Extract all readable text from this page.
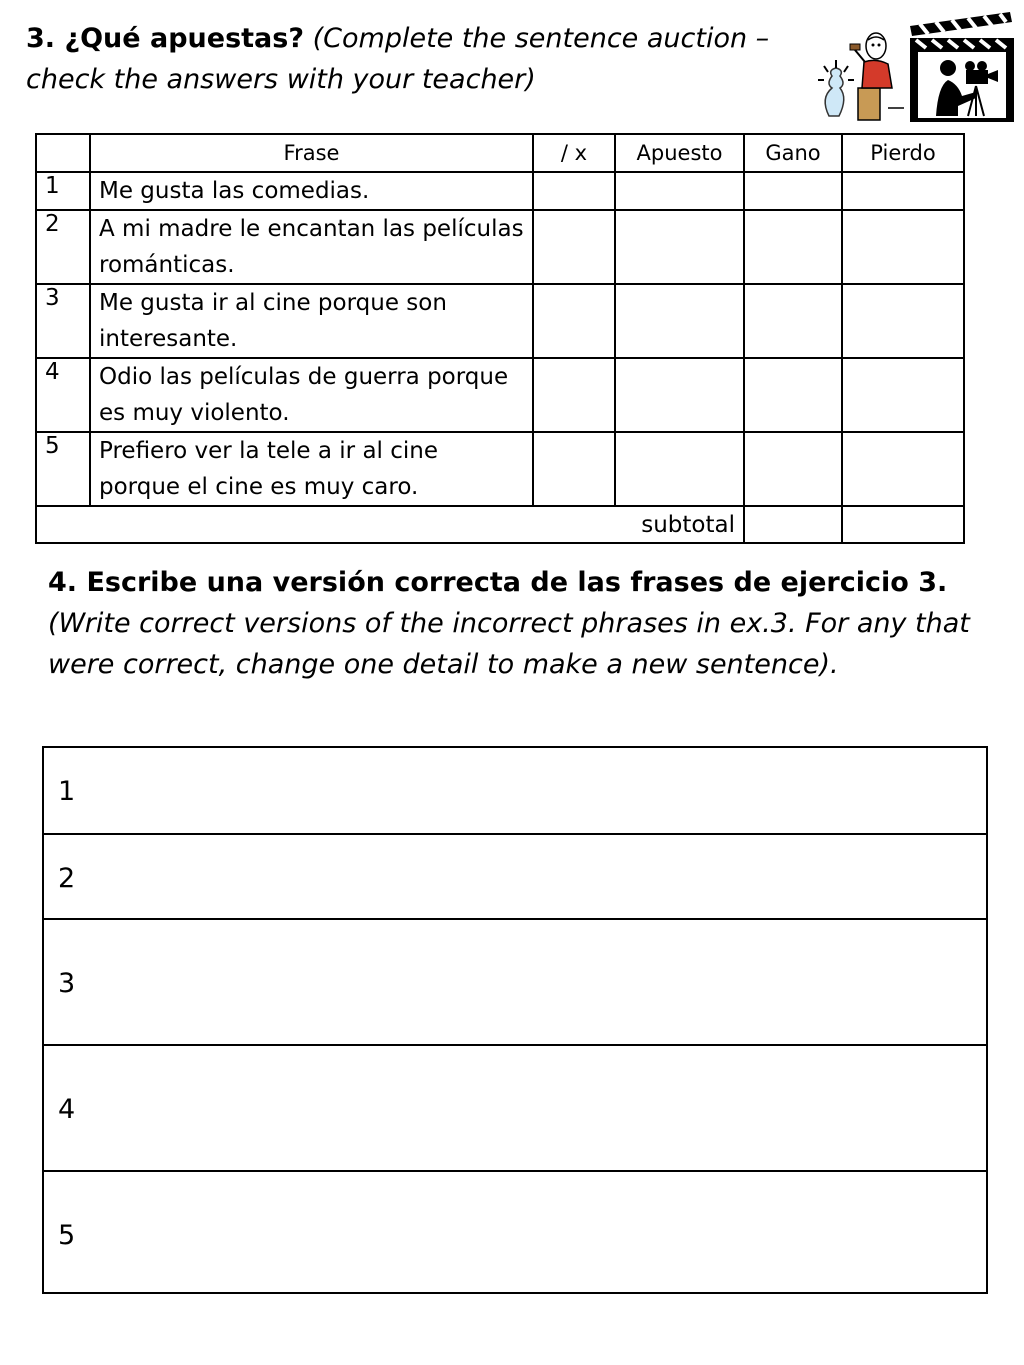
3. ¿Qué apuestas? (Complete the sentence auction – check the answers with your teacher)
	Frase	/ x	Apuesto	Gano	Pierdo
1	Me gusta las comedias.				
2	A mi madre le encantan las películas románticas.				
3	Me gusta ir al cine porque son interesante.				
4	Odio las películas de guerra porque es muy violento.				
5	Prefiero ver la tele a ir al cine porque el cine es muy caro.				
subtotal					
4. Escribe una versión correcta de las frases de ejercicio 3. (Write correct versions of the incorrect phrases in ex.3. For any that were correct, change one detail to make a new sentence).
1
2
3
4
5
